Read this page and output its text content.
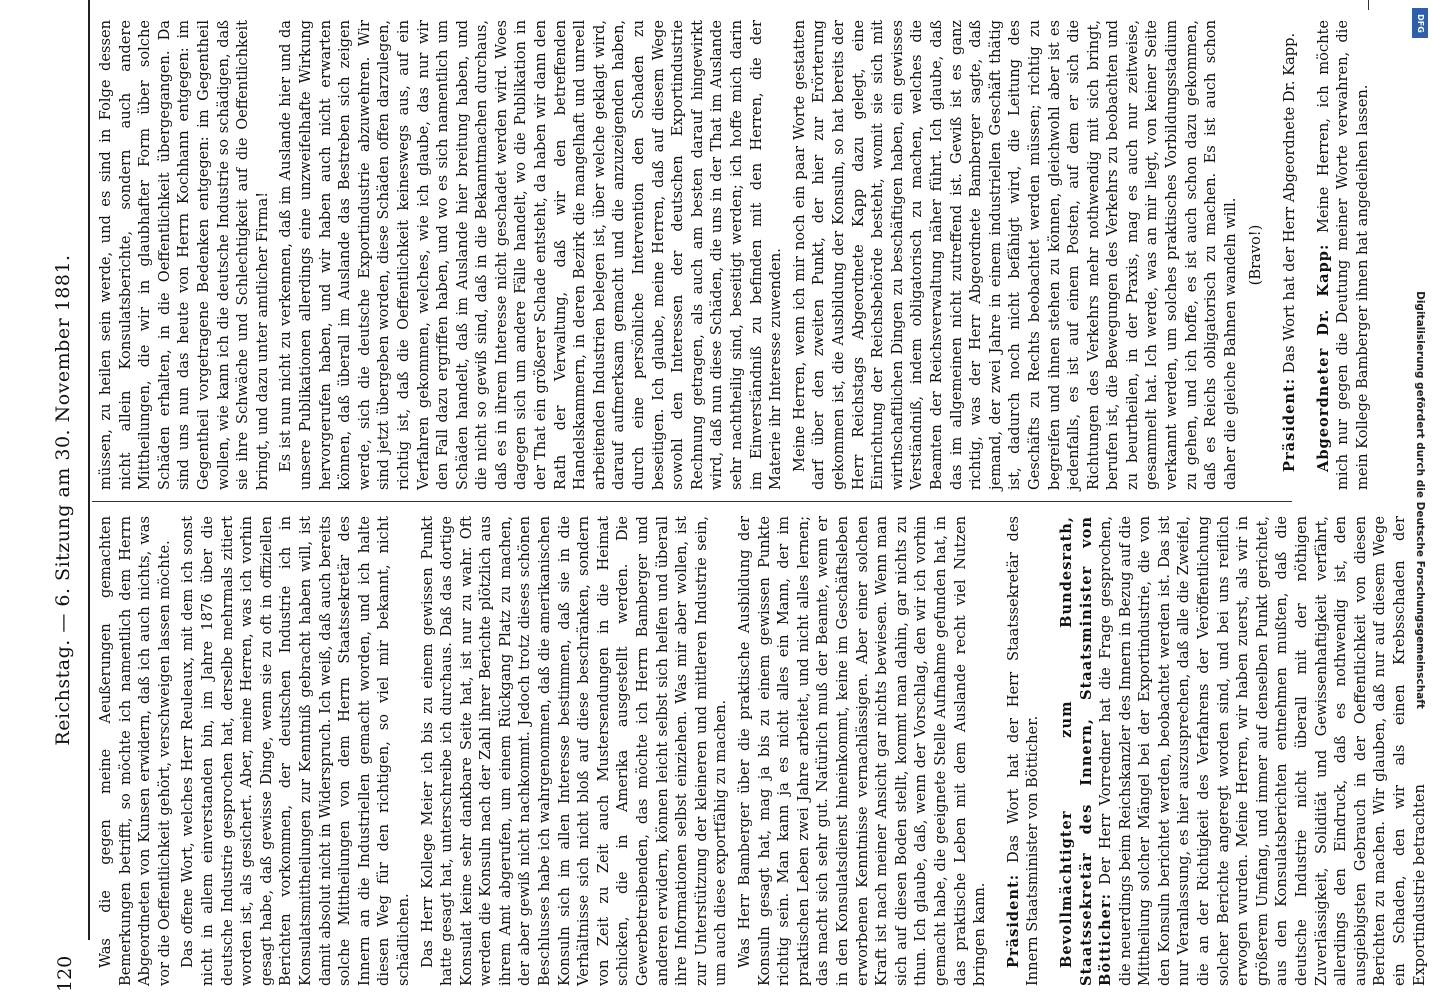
120
Reichstag. — 6. Sitzung am 30. November 1881. Was die gegen meine Aeußerungen gemachten Bemerkungen betrifft, so möchte ich namentlich dem Herrn Abgeordneten von Kunsen erwidern, daß ich auch nichts, was vor die Oeffentlichkeit gehört, verschweigen lassen möchte. Das offene Wort, welches Herr Reuleaux, mit dem ich sonst nicht in allem einverstanden bin, im Jahre 1876 über die deutsche Industrie gesprochen hat, derselbe mehrmals zitiert worden ist, als gesichert. Aber, meine Herren, was ich vorhin gesagt habe, daß gewisse Dinge, wenn sie zu oft in offiziellen Berichten vorkommen, der deutschen Industrie ich in Konsulatsmittheilungen zur Kenntniß gebracht haben will, ist damit absolut nicht in Widerspruch. Ich weiß, daß auch bereits solche Mittheilungen von dem Herrn Staatssekretär des Innern an die Industriellen gemacht worden, und ich halte diesen Weg für den richtigen, so viel mir bekannt, nicht schädlichen. Das Herr Kollege Meier ich bis zu einem gewissen Punkt hatte gesagt hat, unterschreibe ich durchaus. Daß das dortige Konsulat keine sehr dankbare Seite hat, ist nur zu wahr. Oft werden die Konsuln nach der Zahl ihrer Berichte plötzlich aus ihrem Amt abgerufen, um einem Rückgang Platz zu machen, der aber gewiß nicht nachkommt. Jedoch trotz dieses schönen Beschlusses habe ich wahrgenommen, daß die amerikanischen Konsuln sich im allen Interesse bestimmen, daß sie in die Verhältnisse sich nicht bloß auf diese beschränken, sondern von Zeit zu Zeit auch Mustersendungen in die Heimat schicken, die in Amerika ausgestellt werden. Die Gewerbetreibenden, das möchte ich Herrn Bamberger und anderen erwidern, können leicht selbst sich helfen und überall ihre Informationen selbst einziehen. Was mir aber wollen, ist zur Unterstützung der kleineren und mittleren Industrie sein, um auch diese exportfähig zu machen. Was Herr Bamberger über die praktische Ausbildung der Konsuln gesagt hat, mag ja bis zu einem gewissen Punkte richtig sein. Man kann ja es nicht alles ein Mann, der im praktischen Leben zwei Jahre arbeitet, und nicht alles lernen; das macht sich sehr gut. Natürlich muß der Beamte, wenn er in den Konsulatsdienst hineinkommt, keine im Geschäftsleben erworbenen Kenntnisse vernachlässigen. Aber einer solchen Kraft ist nach meiner Ansicht gar nichts bewiesen. Wenn man sich auf diesen Boden stellt, kommt man dahin, gar nichts zu thun. Ich glaube, daß, wenn der Vorschlag, den wir ich vorhin gemacht habe, die geeignete Stelle Aufnahme gefunden hat, in das praktische Leben mit dem Auslande recht viel Nutzen bringen kann. Präsident: Das Wort hat der Herr Staatssekretär des Innern Staatsminister von Bötticher. Bevollmächtigter zum Bundesrath, Staatssekretär des Innern, Staatsminister von Bötticher: Der Herr Vorredner hat die Frage gesprochen, die neuerdings beim Reichskanzler des Innern in Bezug auf die Mittheilung solcher Mängel bei der Exportindustrie, die von den Konsuln berichtet werden, beobachtet werden ist. Das ist nur Veranlassung, es hier auszusprechen, daß alle die Zweifel, die an der Richtigkeit des Verfahrens der Veröffentlichung solcher Berichte angeregt worden sind, und bei uns reiflich erwogen wurden. Meine Herren, wir haben zuerst, als wir in größerem Umfang, und immer auf denselben Punkt gerichtet, aus den Konsulatsberichten entnehmen mußten, daß die deutsche Industrie nicht überall mit der nöthigen Zuverlässigkeit, Solidität und Gewissenhaftigkeit verfährt, allerdings den Eindruck, daß es nothwendig ist, den ausgiebigsten Gebrauch in der Oeffentlichkeit von diesen Berichten zu machen. Wir glauben, daß nur auf diesem Wege ein Schaden, den wir als einen Krebsschaden der Exportindustrie betrachten

müssen, zu heilen sein werde, und es sind in Folge dessen nicht allein Konsulatsberichte, sondern auch andere Mittheilungen, die wir in glaubhafter Form über solche Schäden erhalten, in die Oeffentlichkeit übergegangen. Da sind uns nun das heute von Herrn Kochhann entgegen: im Gegentheil vorgetragene Bedenken entgegen: im Gegentheil wollen, wie kann ich die deutsche Industrie so schädigen, daß sie ihre Schwäche und Schlechtigkeit auf die Oeffentlichkeit bringt, und dazu unter amtlicher Firma! Es ist nun nicht zu verkennen, daß im Auslande hier und da unsere Publikationen allerdings eine unzweifelhafte Wirkung hervorgerufen haben, und wir haben auch nicht erwarten können, daß überall im Auslande das Bestreben sich zeigen werde, sich die deutsche Exportindustrie abzuwehren. Wir sind jetzt übergeben worden, diese Schäden offen darzulegen, richtig ist, daß die Oeffentlichkeit keineswegs aus, auf ein Verfahren gekommen, welches, wie ich glaube, das nur wir den Fall dazu ergriffen haben, und wo es sich namentlich um Schäden handelt, daß im Auslande hier breitung haben, und die nicht so gewiß sind, daß in die Bekanntmachen durchaus, daß es in ihrem Interesse nicht geschadet werden wird. Woes dagegen sich um andere Fälle handelt, wo die Publikation in der That ein größerer Schade entsteht, da haben wir dann den Rath der Verwaltung, daß wir den betreffenden Handelskammern, in deren Bezirk die mangelhaft und unreell arbeitenden Industrien belegen ist, über welche geklagt wird, darauf aufmerksam gemacht und die anzuzeigenden haben, durch eine persönliche Intervention den Schaden zu beseitigen. Ich glaube, meine Herren, daß auf diesem Wege sowohl den Interessen der deutschen Exportindustrie Rechnung getragen, als auch am besten darauf hingewirkt wird, daß nun diese Schäden, die uns in der That im Auslande sehr nachtheilig sind, beseitigt werden; ich hoffe mich darin im Einverständniß zu befinden mit den Herren, die der Materie ihr Interesse zuwenden. Meine Herren, wenn ich mir noch ein paar Worte gestatten darf über den zweiten Punkt, der hier zur Erörterung gekommen ist, die Ausbildung der Konsuln, so hat bereits der Herr Reichstags Abgeordnete Kapp dazu gelegt, eine Einrichtung der Reichsbehörde besteht, womit sie sich mit wirthschaftlichen Dingen zu beschäftigen haben, ein gewisses Verständniß, indem obligatorisch zu machen, welches die Beamten der Reichsverwaltung näher führt. Ich glaube, daß das im allgemeinen nicht zutreffend ist. Gewiß ist es ganz richtig, was der Herr Abgeordnete Bamberger sagte, daß jemand, der zwei Jahre in einem industriellen Geschäft thätig ist, dadurch noch nicht befähigt wird, die Leitung des Geschäfts zu Rechts beobachtet werden müssen; richtig zu begreifen und ihnen stehen zu können, gleichwohl aber ist es jedenfalls, es ist auf einem Posten, auf dem er sich die Richtungen des Verkehrs mehr nothwendig mit sich bringt, berufen ist, die Bewegungen des Verkehrs zu beobachten und zu beurtheilen, in der Praxis, mag es auch nur zeitweise, gesammelt hat. Ich werde, was an mir liegt, von keiner Seite verkannt werden, um solches praktisches Vorbildungsstadium zu gehen, und ich hoffe, es ist auch schon dazu gekommen, daß es Reichs obligatorisch zu machen. Es ist auch schon daher die gleiche Bahnen wandeln will. (Bravo!)

Präsident: Das Wort hat der Herr Abgeordnete Dr. Kapp. Abgeordneter Dr. Kapp: Meine Herren, ich möchte mich nur gegen die Deutung meiner Worte verwahren, die mein Kollege Bamberger ihnen hat angedeihen lassen.

Digitalisierung gefördert durch die Deutsche Forschungsgemeinschaft
DFG
